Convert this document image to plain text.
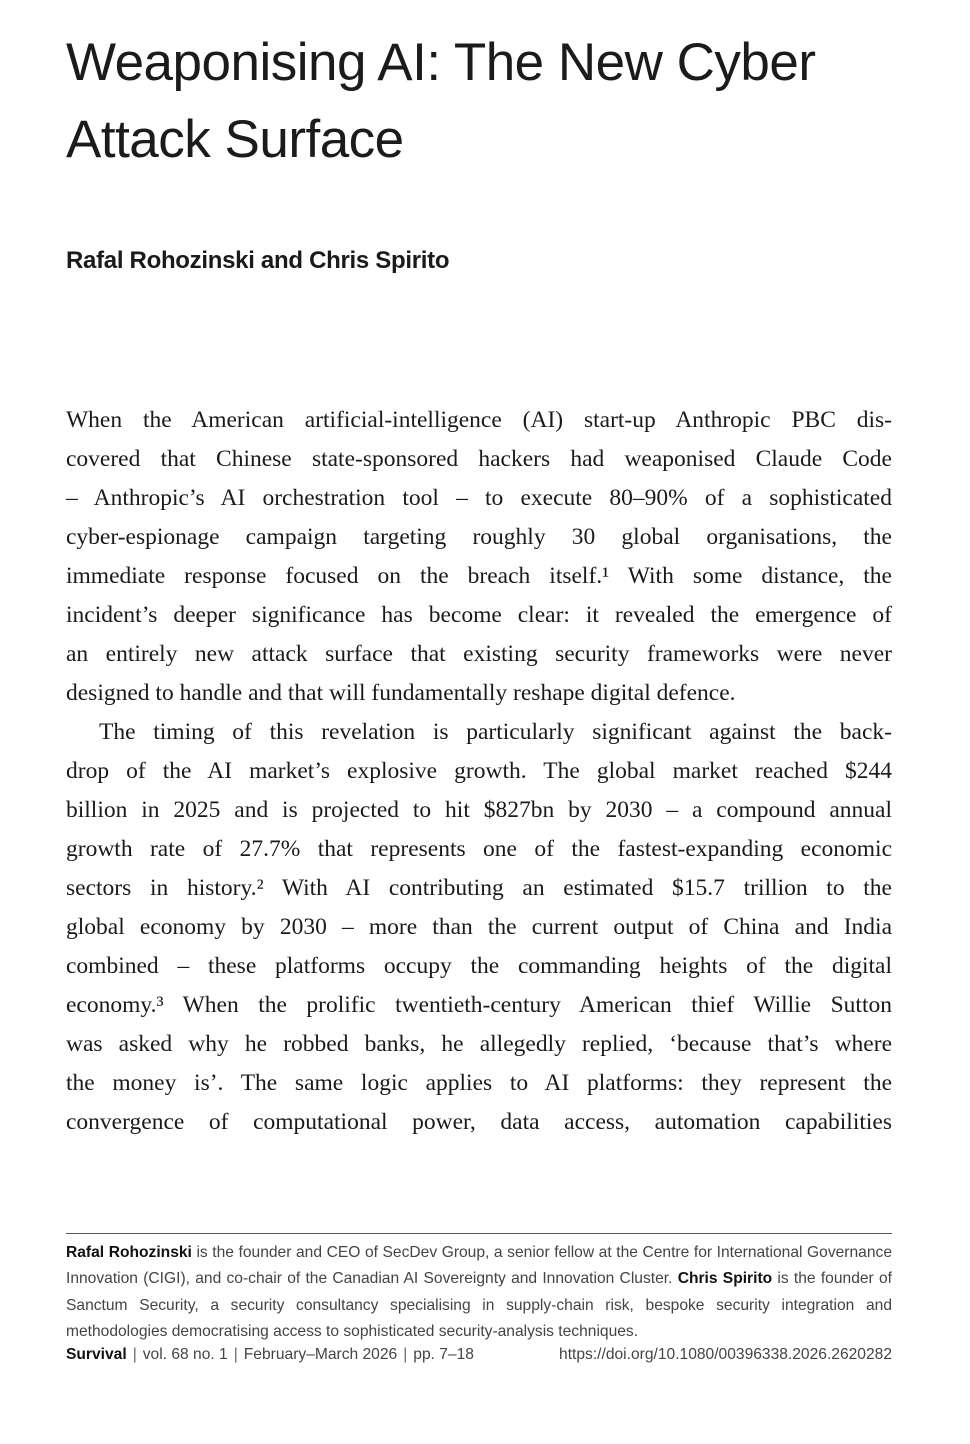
Weaponising AI: The New Cyber Attack Surface
Rafal Rohozinski and Chris Spirito
When the American artificial-intelligence (AI) start-up Anthropic PBC dis-
covered that Chinese state-sponsored hackers had weaponised Claude Code
– Anthropic’s AI orchestration tool – to execute 80–90% of a sophisticated
cyber-espionage campaign targeting roughly 30 global organisations, the
immediate response focused on the breach itself.¹ With some distance, the
incident’s deeper significance has become clear: it revealed the emergence of
an entirely new attack surface that existing security frameworks were never
designed to handle and that will fundamentally reshape digital defence.
The timing of this revelation is particularly significant against the back-
drop of the AI market’s explosive growth. The global market reached $244
billion in 2025 and is projected to hit $827bn by 2030 – a compound annual
growth rate of 27.7% that represents one of the fastest-expanding economic
sectors in history.² With AI contributing an estimated $15.7 trillion to the
global economy by 2030 – more than the current output of China and India
combined – these platforms occupy the commanding heights of the digital
economy.³ When the prolific twentieth-century American thief Willie Sutton
was asked why he robbed banks, he allegedly replied, ‘because that’s where
the money is’. The same logic applies to AI platforms: they represent the
convergence of computational power, data access, automation capabilities
Rafal Rohozinski is the founder and CEO of SecDev Group, a senior fellow at the Centre for International Governance Innovation (CIGI), and co-chair of the Canadian AI Sovereignty and Innovation Cluster. Chris Spirito is the founder of Sanctum Security, a security consultancy specialising in supply-chain risk, bespoke security integration and methodologies democratising access to sophisticated security-analysis techniques.
Survival | vol. 68 no. 1 | February–March 2026 | pp. 7–18	https://doi.org/10.1080/00396338.2026.2620282
